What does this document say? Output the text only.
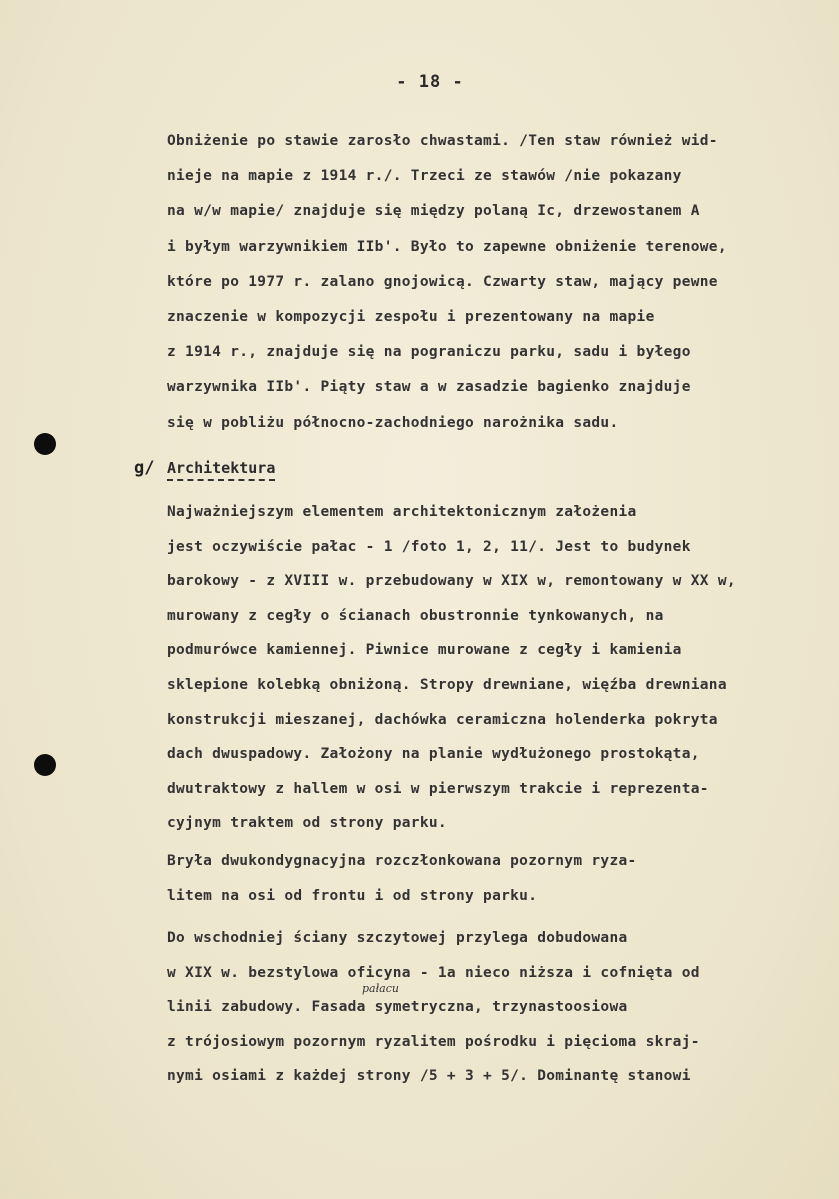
- 18 -
Obniżenie po stawie zarosło chwastami. /Ten staw również wid-
nieje na mapie z 1914 r./. Trzeci ze stawów /nie pokazany
na w/w mapie/ znajduje się między polaną Ic, drzewostanem A
i byłym warzywnikiem IIb'. Było to zapewne obniżenie terenowe,
które po 1977 r. zalano gnojowicą. Czwarty staw, mający pewne
znaczenie w kompozycji zespołu i prezentowany na mapie
z 1914 r., znajduje się na pograniczu parku, sadu i byłego
warzywnika IIb'. Piąty staw a w zasadzie bagienko znajduje
się w pobliżu północno-zachodniego narożnika sadu.
g/ Architektura
Najważniejszym elementem architektonicznym założenia
jest oczywiście pałac - 1 /foto 1, 2, 11/. Jest to budynek
barokowy - z XVIII w. przebudowany w XIX w, remontowany w XX w,
murowany z cegły o ścianach obustronnie tynkowanych, na
podmurówce kamiennej. Piwnice murowane z cegły i kamienia
sklepione kolebką obniżoną. Stropy drewniane, więźba drewniana
konstrukcji mieszanej, dachówka ceramiczna holenderka pokryta
dach dwuspadowy. Założony na planie wydłużonego prostokąta,
dwutraktowy z hallem w osi w pierwszym trakcie i reprezenta-
cyjnym traktem od strony parku.
Bryła dwukondygnacyjna rozczłonkowana pozornym ryza-
litem na osi od frontu i od strony parku.
Do wschodniej ściany szczytowej przylega dobudowana
w XIX w. bezstylowa oficyna - 1a nieco niższa i cofnięta od
linii zabudowy. Fasada symetryczna, trzynastoosiowa
z trójosiowym pozornym ryzalitem pośrodku i pięcioma skraj-
nymi osiami z każdej strony /5 + 3 + 5/. Dominantę stanowi
pałacu
